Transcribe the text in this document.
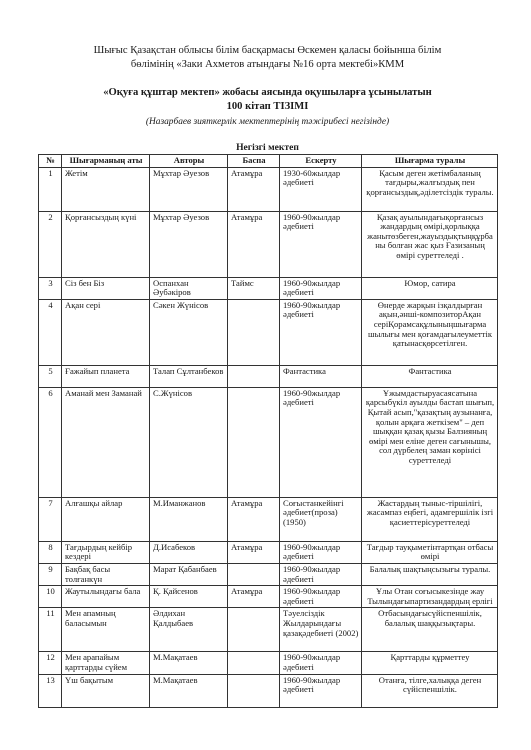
Шығыс Қазақстан облысы білім басқармасы Өскемен қаласы бойынша білім

бөлімінің «Заки Ахметов атындағы №16 орта мектебі»КММ

«Оқуға құштар мектеп» жобасы аясында оқушыларға ұсынылатын

100 кітап ТІЗІМІ

(Назарбаев зияткерлік мектептерінің тәжірибесі негізінде)

Негізгі мектеп

№	Шығарманың аты	Авторы	Баспа	Ескерту	Шығарма туралы
1	Жетім	Мұхтар Әуезов	Атамұра	1930-60жылдар әдебиеті	Қасым деген жетімбаланың тағдыры,жалғыздық пен қорғансыздық,әділетсіздік туралы.
2	Қорғансыздың күні	Мұхтар Әуезов	Атамұра	1960-90жылдар әдебиеті	Қазақ ауылындағықорғансыз жандардың өмірі,қорлыққа жанытөзбеген,жауыздықтыңқұрбаны болған жас қыз Ғазизаның өмірі суреттеледі .
3	Сіз бен Біз	Оспанхан Әубәкіров	Таймс	1960-90жылдар әдебиеті	Юмор, сатира
4	Ақан сері	Сәкен Жүнісов		1960-90жылдар әдебиеті	Өнерде жарқын ізқалдырған ақын,әнші-композиторАқан серіҚорамсақұлыныңшығарма шылығы мен қоғамдағылеуметтік қатынасқөрсетілген.
5	Ғажайып планета	Талап Сұлтанбеков		Фантастика	Фантастика
6	Аманай мен Заманай	С.Жүнісов		1960-90жылдар әдебиеті	Ұжымдастыруасаясатына қарсыбүкіл ауылды бастап шығып, Қытай асып,"қазақтың аузынанға, қолын арқаға жеткізем" – деп шыққан қазақ қызы Балзияның өмірі мен еліне деген сағынышы, сол дүрбелең заман көрінісі суреттеледі
7	Алғашқы айлар	М.Иманжанов	Атамұра	Соғыстанкейінгі әдебиет(проза) (1950)	Жастардың тыныс-тіршілігі, жасампаз еңбегі, адамгершілік ізгі қасиеттерісуреттеледі
8	Тағдырдың кейбір кездері	Д.Исабеков	Атамұра	1960-90жылдар әдебиеті	Тағдыр тауқыметінтартқан отбасы өмірі
9	Бақбақ басы толғанкүн	Марат Қабанбаев		1960-90жылдар әдебиеті	Балалық шақтыңсызығы туралы.
10	Жаутылындағы бала	Қ. Қайсенов	Атамұра	1960-90жылдар әдебиеті	Ұлы Отан соғысыкезінде жау Тылындағыпартизандардың ерлігі
11	Мен апамның баласымын	Әлдихан Қалдыбаев		Тәуелсіздік Жылдарындағы қазақәдебиеті (2002)	Отбасындағысүйіспеншілік, балалық шаққызықтары.
12	Мен арапайым қарттарды сүйем	М.Мақатаев		1960-90жылдар әдебиеті	Қарттарды құрметтеу
13	Үш бақытым	М.Мақатаев		1960-90жылдар әдебиеті	Отанға, тілге,халыққа деген сүйіспеншілік.
